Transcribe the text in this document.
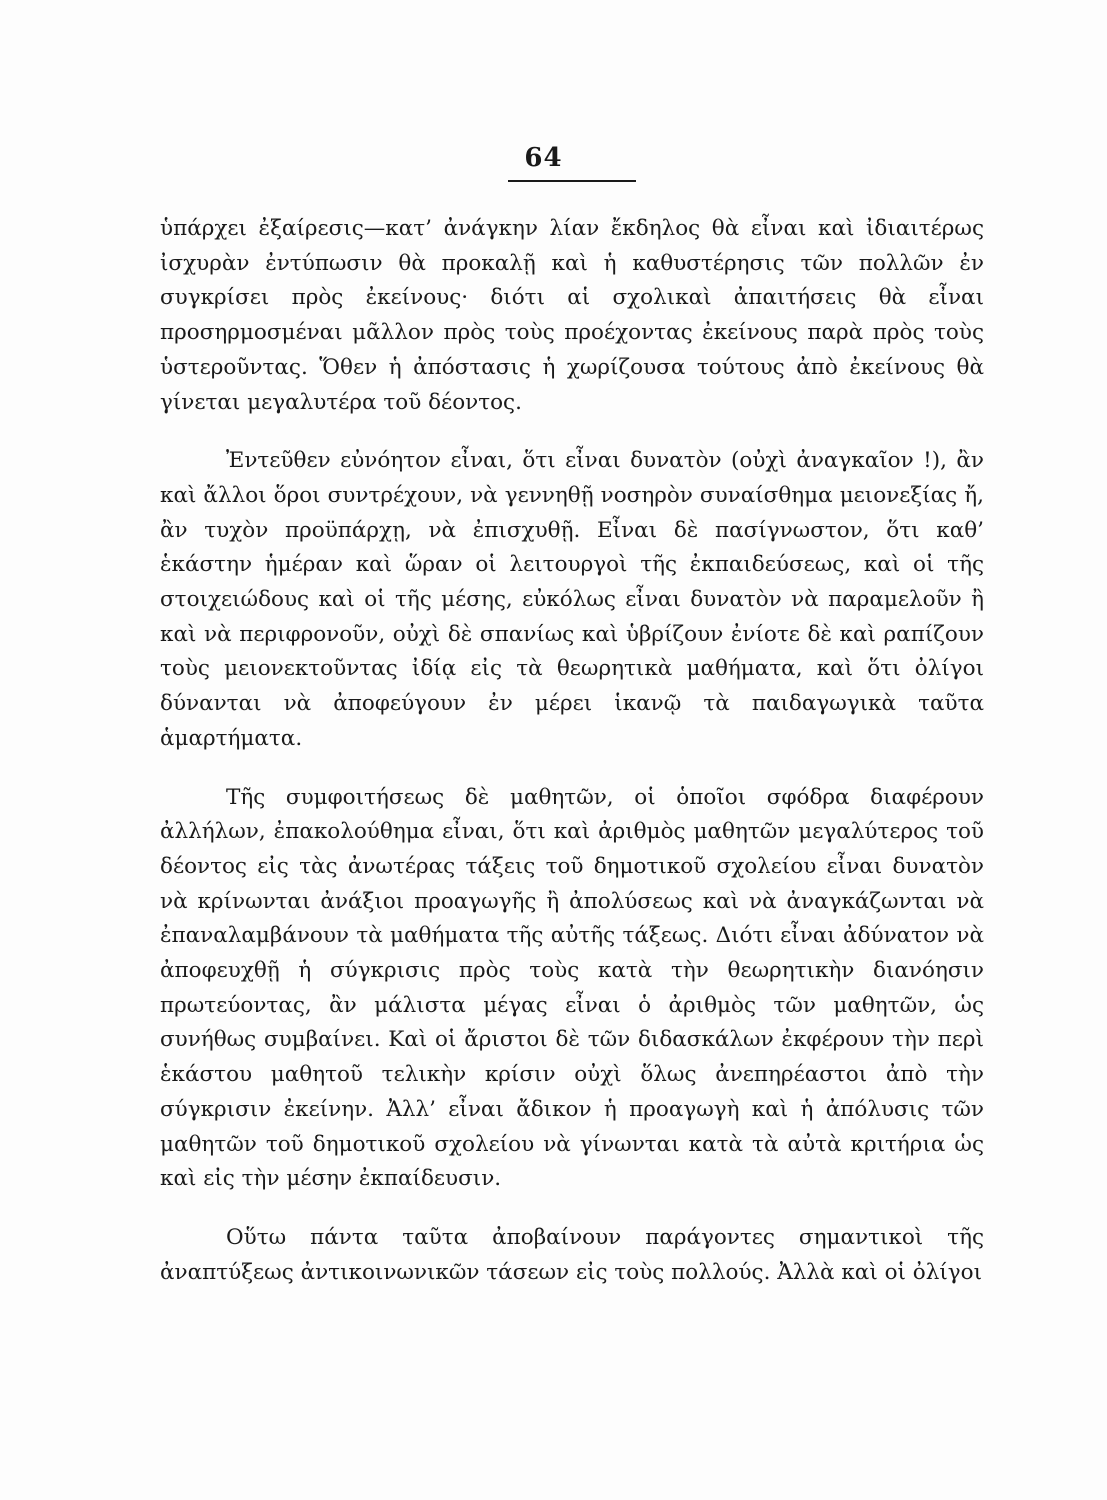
64

ὑπάρχει ἐξαίρεσις—κατ’ ἀνάγκην λίαν ἔκδηλος θὰ εἶναι καὶ ἰδιαιτέρως ἰσχυρὰν ἐντύπωσιν θὰ προκαλῇ καὶ ἡ καθυστέρησις τῶν πολλῶν ἐν συγκρίσει πρὸς ἐκείνους· διότι αἱ σχολικαὶ ἀπαιτήσεις θὰ εἶναι προσηρμοσμέναι μᾶλλον πρὸς τοὺς προέχοντας ἐκείνους παρὰ πρὸς τοὺς ὑστεροῦντας. Ὅθεν ἡ ἀπόστασις ἡ χωρίζουσα τούτους ἀπὸ ἐκείνους θὰ γίνεται μεγαλυτέρα τοῦ δέοντος.

Ἐντεῦθεν εὐνόητον εἶναι, ὅτι εἶναι δυνατὸν (οὐχὶ ἀναγκαῖον !), ἂν καὶ ἄλλοι ὅροι συντρέχουν, νὰ γεννηθῇ νοσηρὸν συναίσθημα μειονεξίας ἤ, ἂν τυχὸν προϋπάρχῃ, νὰ ἐπισχυθῇ. Εἶναι δὲ πασίγνωστον, ὅτι καθ’ ἑκάστην ἡμέραν καὶ ὥραν οἱ λειτουργοὶ τῆς ἐκπαιδεύσεως, καὶ οἱ τῆς στοιχειώδους καὶ οἱ τῆς μέσης, εὐκόλως εἶναι δυνατὸν νὰ παραμελοῦν ἢ καὶ νὰ περιφρονοῦν, οὐχὶ δὲ σπανίως καὶ ὑβρίζουν ἐνίοτε δὲ καὶ ραπίζουν τοὺς μειονεκτοῦντας ἰδίᾳ εἰς τὰ θεωρητικὰ μαθήματα, καὶ ὅτι ὀλίγοι δύνανται νὰ ἀποφεύγουν ἐν μέρει ἱκανῷ τὰ παιδαγωγικὰ ταῦτα ἁμαρτήματα.

Τῆς συμφοιτήσεως δὲ μαθητῶν, οἱ ὁποῖοι σφόδρα διαφέρουν ἀλλήλων, ἐπακολούθημα εἶναι, ὅτι καὶ ἀριθμὸς μαθητῶν μεγαλύτερος τοῦ δέοντος εἰς τὰς ἀνωτέρας τάξεις τοῦ δημοτικοῦ σχολείου εἶναι δυνατὸν νὰ κρίνωνται ἀνάξιοι προαγωγῆς ἢ ἀπολύσεως καὶ νὰ ἀναγκάζωνται νὰ ἐπαναλαμβάνουν τὰ μαθήματα τῆς αὐτῆς τάξεως. Διότι εἶναι ἀδύνατον νὰ ἀποφευχθῇ ἡ σύγκρισις πρὸς τοὺς κατὰ τὴν θεωρητικὴν διανόησιν πρωτεύοντας, ἂν μάλιστα μέγας εἶναι ὁ ἀριθμὸς τῶν μαθητῶν, ὡς συνήθως συμβαίνει. Καὶ οἱ ἄριστοι δὲ τῶν διδασκάλων ἐκφέρουν τὴν περὶ ἑκάστου μαθητοῦ τελικὴν κρίσιν οὐχὶ ὅλως ἀνεπηρέαστοι ἀπὸ τὴν σύγκρισιν ἐκείνην. Ἀλλ’ εἶναι ἄδικον ἡ προαγωγὴ καὶ ἡ ἀπόλυσις τῶν μαθητῶν τοῦ δημοτικοῦ σχολείου νὰ γίνωνται κατὰ τὰ αὐτὰ κριτήρια ὡς καὶ εἰς τὴν μέσην ἐκπαίδευσιν.

Οὕτω πάντα ταῦτα ἀποβαίνουν παράγοντες σημαντικοὶ τῆς ἀναπτύξεως ἀντικοινωνικῶν τάσεων εἰς τοὺς πολλούς. Ἀλλὰ καὶ οἱ ὀλίγοι
